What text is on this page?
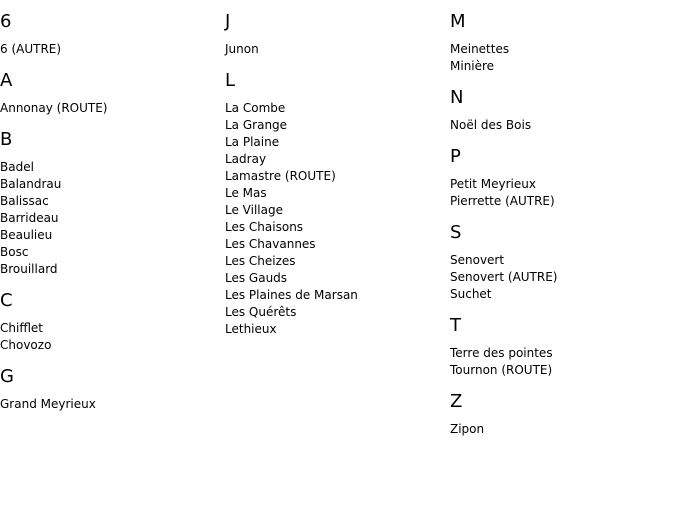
6
6 (AUTRE)
A
Annonay (ROUTE)
B
Badel
Balandrau
Balissac
Barrideau
Beaulieu
Bosc
Brouillard
C
Chifflet
Chovozo
G
Grand Meyrieux
J
Junon
L
La Combe
La Grange
La Plaine
Ladray
Lamastre (ROUTE)
Le Mas
Le Village
Les Chaisons
Les Chavannes
Les Cheizes
Les Gauds
Les Plaines de Marsan
Les Quérêts
Lethieux
M
Meinettes
Minière
N
Noël des Bois
P
Petit Meyrieux
Pierrette (AUTRE)
S
Senovert
Senovert (AUTRE)
Suchet
T
Terre des pointes
Tournon (ROUTE)
Z
Zipon
